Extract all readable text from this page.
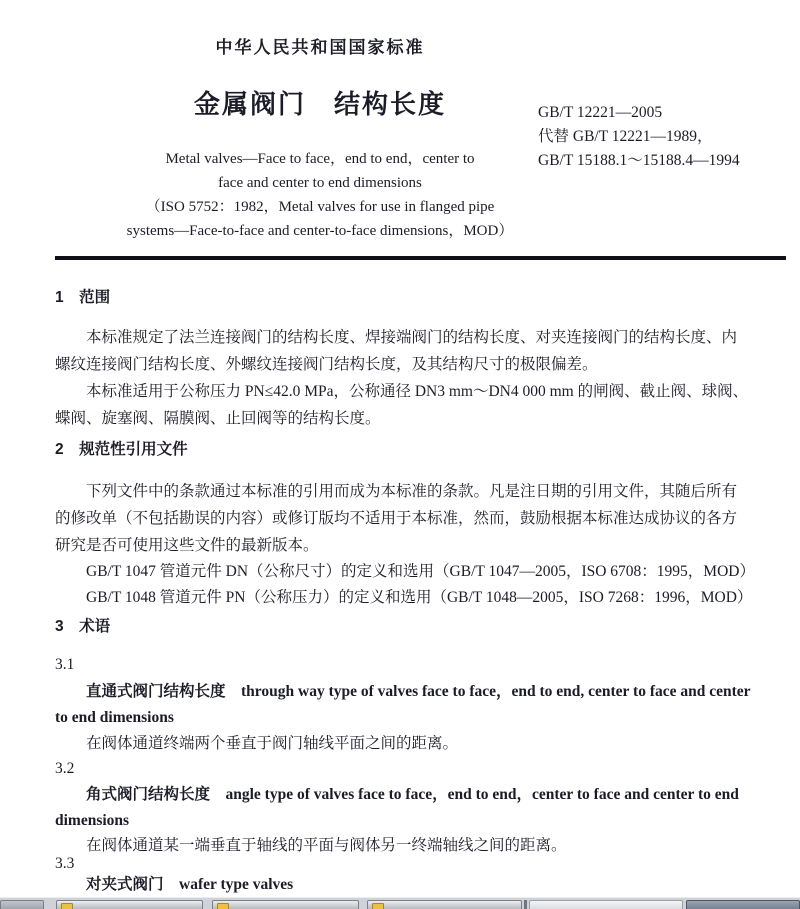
中华人民共和国国家标准
金属阀门　结构长度
Metal valves—Face to face，end to end，center to
face and center to end dimensions
（ISO 5752：1982，Metal valves for use in flanged pipe
systems—Face-to-face and center-to-face dimensions，MOD）
GB/T 12221—2005
代替 GB/T 12221—1989，
GB/T 15188.1～15188.4—1994
1　范围
本标准规定了法兰连接阀门的结构长度、焊接端阀门的结构长度、对夹连接阀门的结构长度、内
螺纹连接阀门结构长度、外螺纹连接阀门结构长度，及其结构尺寸的极限偏差。
本标准适用于公称压力 PN≤42.0 MPa，公称通径 DN3 mm～DN4 000 mm 的闸阀、截止阀、球阀、
蝶阀、旋塞阀、隔膜阀、止回阀等的结构长度。
2　规范性引用文件
下列文件中的条款通过本标准的引用而成为本标准的条款。凡是注日期的引用文件，其随后所有
的修改单（不包括勘误的内容）或修订版均不适用于本标准，然而，鼓励根据本标准达成协议的各方
研究是否可使用这些文件的最新版本。
GB/T 1047 管道元件 DN（公称尺寸）的定义和选用（GB/T 1047—2005，ISO 6708：1995，MOD）
GB/T 1048 管道元件 PN（公称压力）的定义和选用（GB/T 1048—2005，ISO 7268：1996，MOD）
3　术语
3.1
直通式阀门结构长度　through way type of valves face to face，end to end, center to face and center
to end dimensions
在阀体通道终端两个垂直于阀门轴线平面之间的距离。
3.2
角式阀门结构长度　angle type of valves face to face，end to end，center to face and center to end
dimensions
在阀体通道某一端垂直于轴线的平面与阀体另一终端轴线之间的距离。
3.3
对夹式阀门　wafer type valves
